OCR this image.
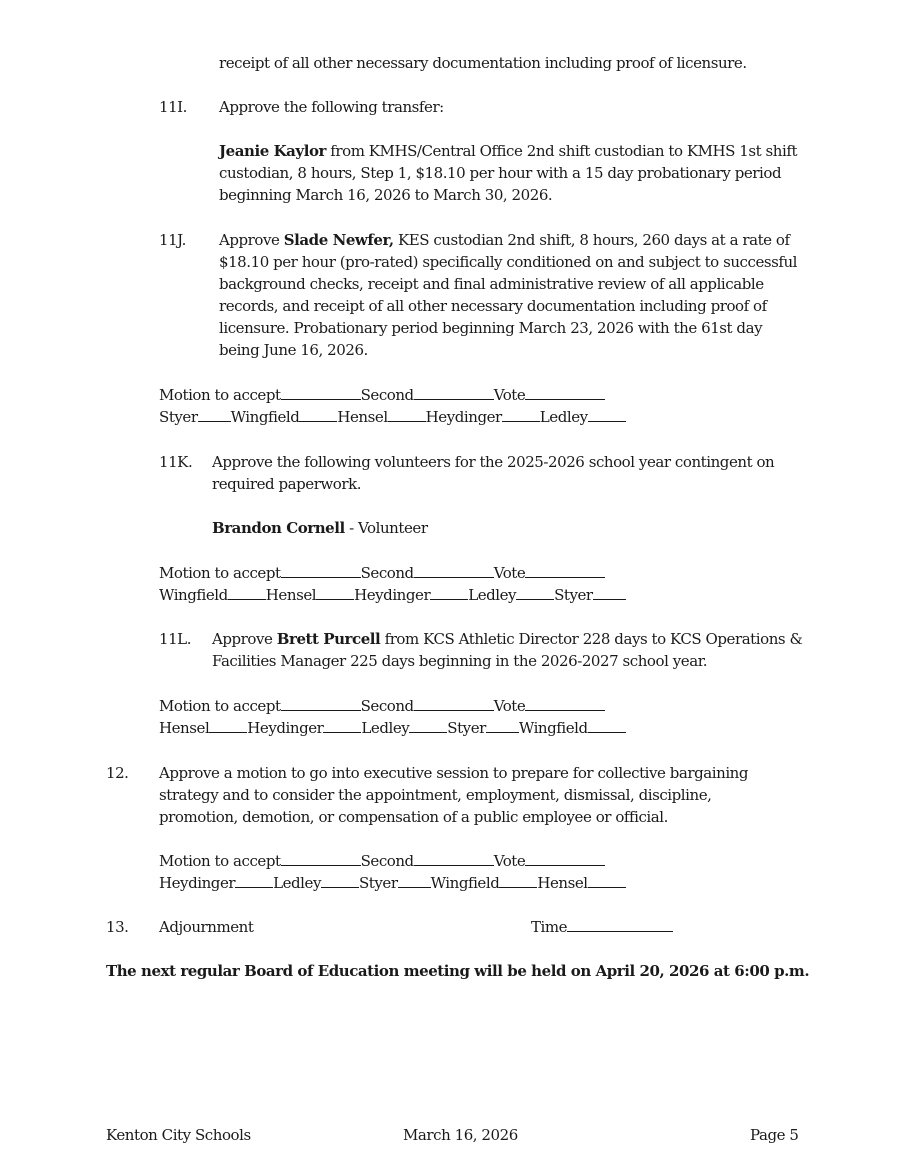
receipt of all other necessary documentation including proof of licensure.
11I. Approve the following transfer:
Jeanie Kaylor from KMHS/Central Office 2nd shift custodian to KMHS 1st shift
custodian, 8 hours, Step 1, $18.10 per hour with a 15 day probationary period
beginning March 16, 2026 to March 30, 2026.
11J. Approve Slade Newfer, KES custodian 2nd shift, 8 hours, 260 days at a rate of
$18.10 per hour (pro-rated) specifically conditioned on and subject to successful
background checks, receipt and final administrative review of all applicable
records, and receipt of all other necessary documentation including proof of
licensure. Probationary period beginning March 23, 2026 with the 61st day
being June 16, 2026.
Motion to accept	Second	Vote
Styer Wingfield	Hensel	Heydinger	Ledley
11K. Approve the following volunteers for the 2025-2026 school year contingent on
required paperwork.
Brandon Cornell - Volunteer
Motion to accept	Second	Vote
Wingfield	Hensel	Heydinger	Ledley	Styer
11L. Approve Brett Purcell from KCS Athletic Director 228 days to KCS Operations &
Facilities Manager 225 days beginning in the 2026-2027 school year.
Motion to accept	Second	Vote
Hensel	Heydinger	Ledley	Styer Wingfield
12. Approve a motion to go into executive session to prepare for collective bargaining
strategy and to consider the appointment, employment, dismissal, discipline,
promotion, demotion, or compensation of a public employee or official.
Motion to accept	Second	Vote
Heydinger	Ledley	Styer Wingfield	Hensel
13. Adjournment	Time
The next regular Board of Education meeting will be held on April 20, 2026 at 6:00 p.m.
Kenton City Schools	March 16, 2026	Page 5
